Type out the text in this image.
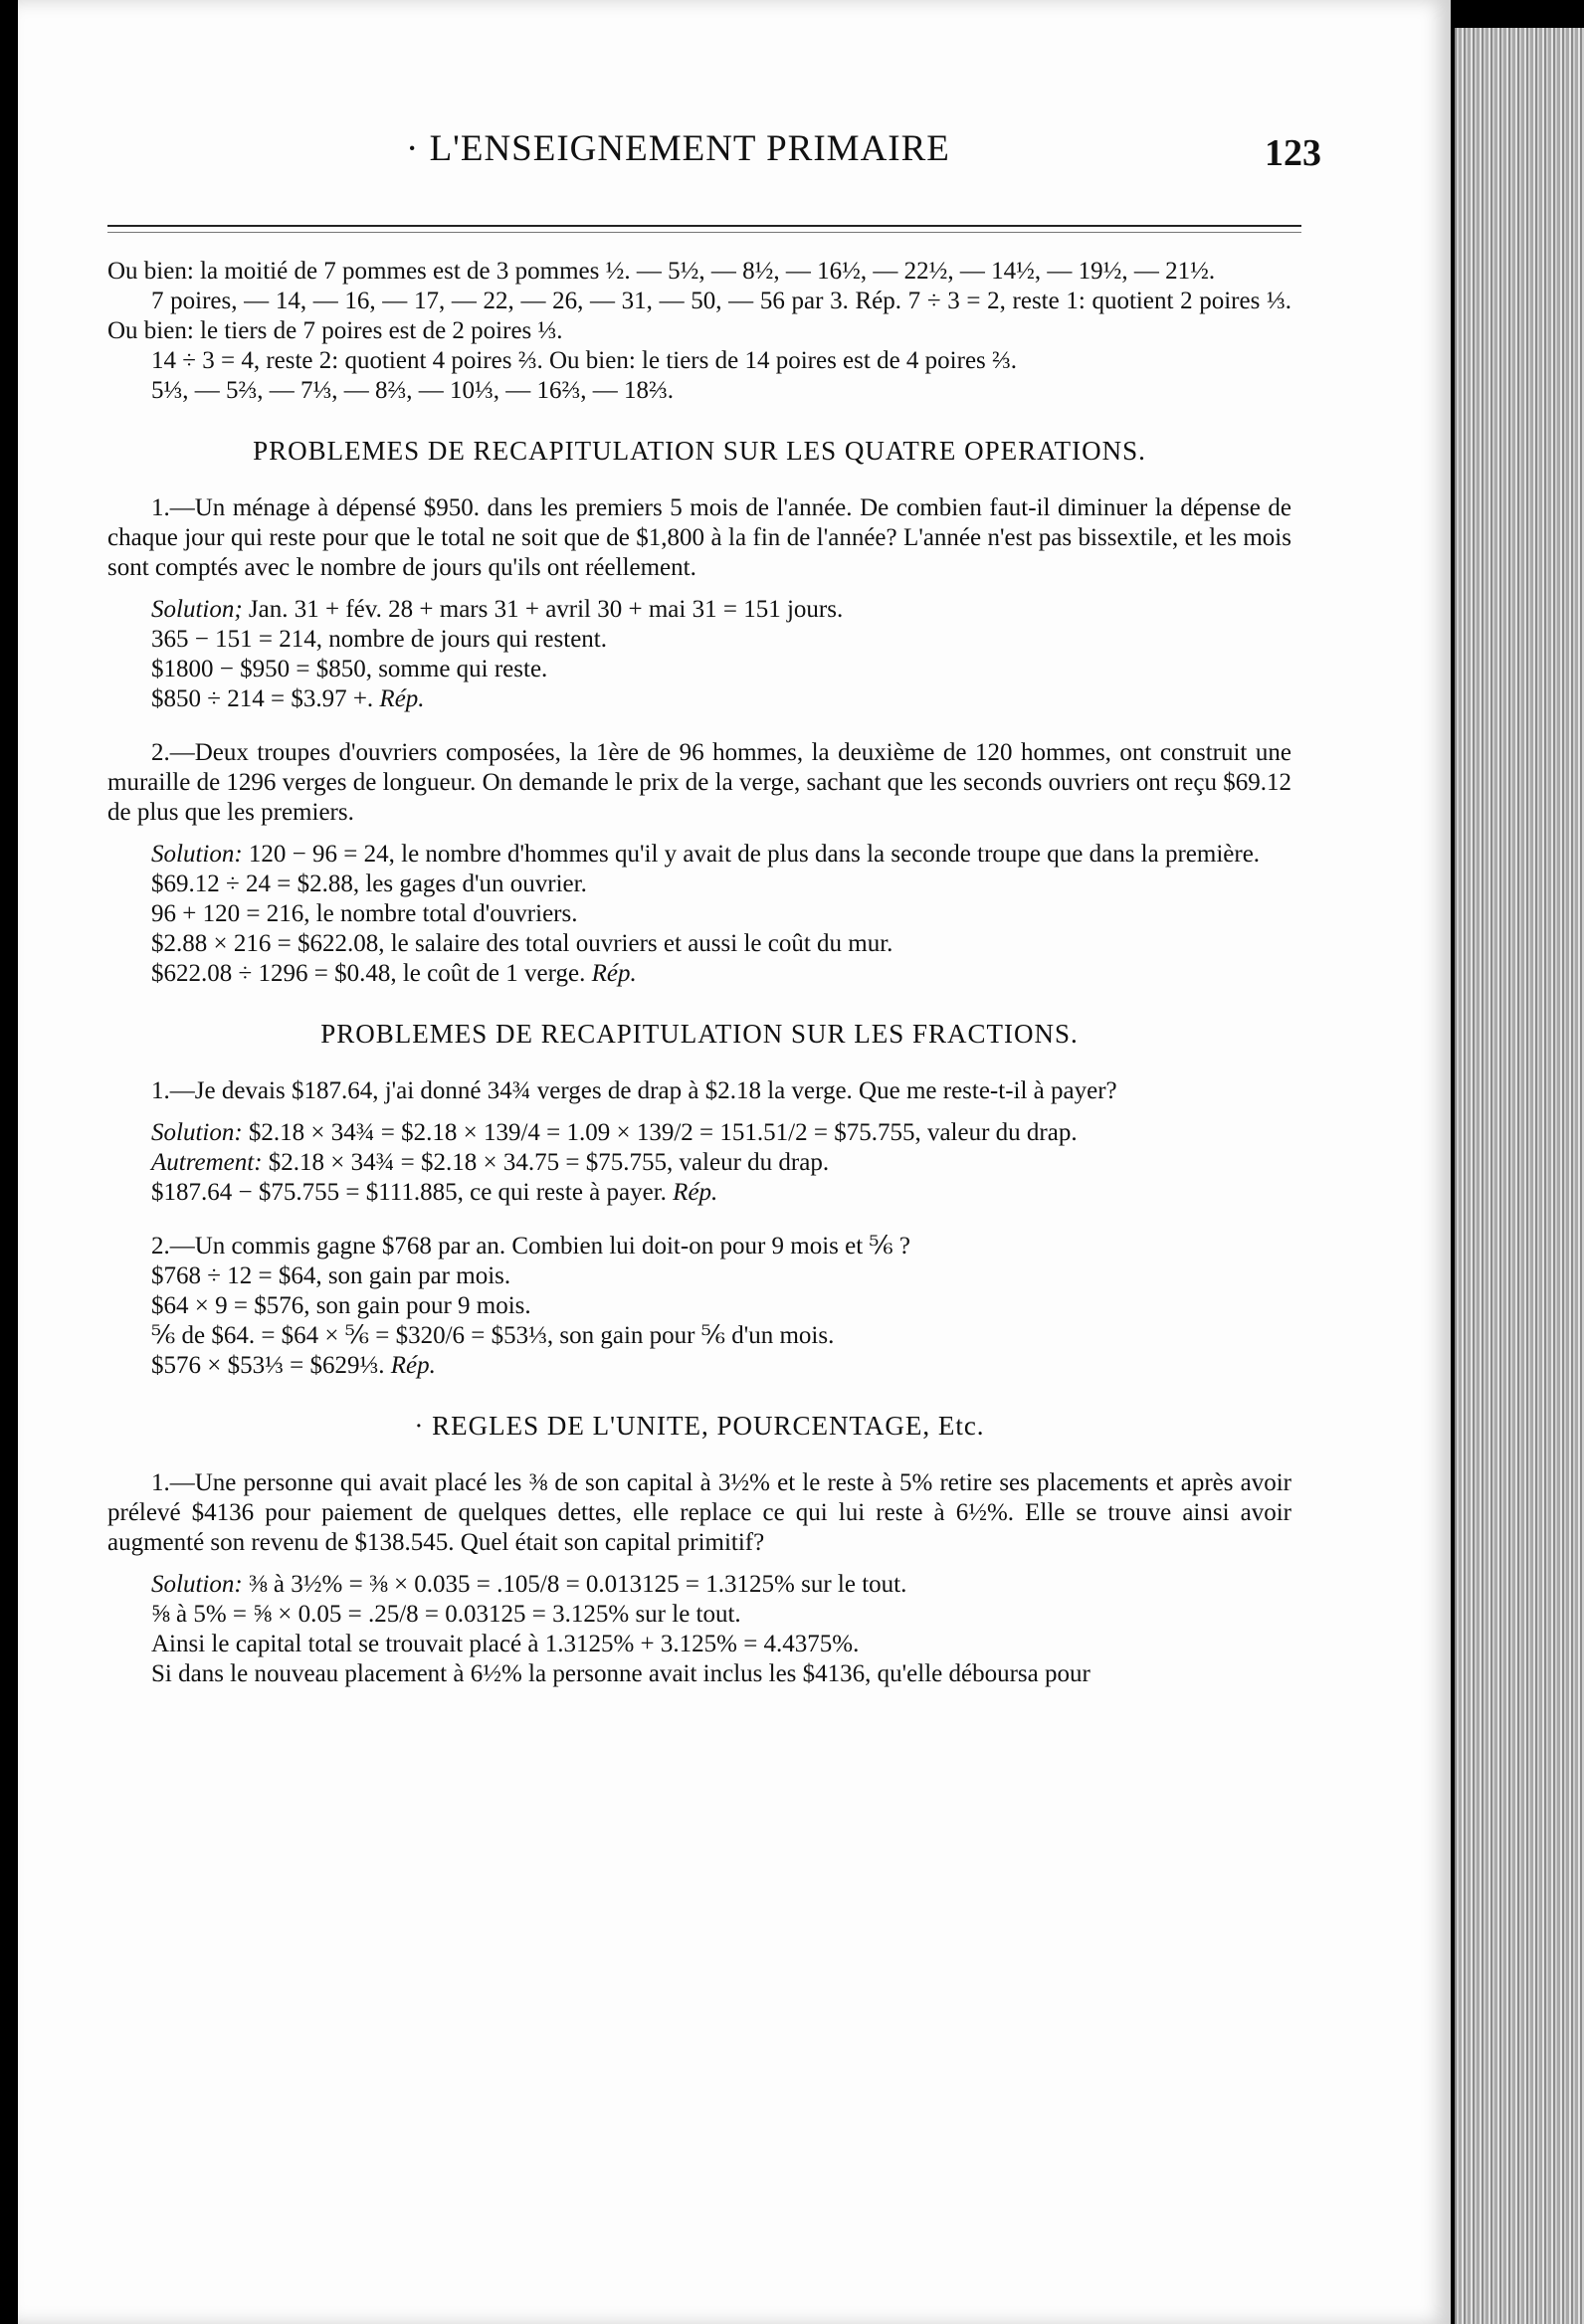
· L'ENSEIGNEMENT PRIMAIRE	123

Ou bien: la moitié de 7 pommes est de 3 pommes ½. — 5½, — 8½, — 16½, — 22½, — 14½, — 19½, — 21½.

7 poires, — 14, — 16, — 17, — 22, — 26, — 31, — 50, — 56 par 3. Rép. 7 ÷ 3 = 2, reste 1: quotient 2 poires ⅓. Ou bien: le tiers de 7 poires est de 2 poires ⅓.

14 ÷ 3 = 4, reste 2: quotient 4 poires ⅔. Ou bien: le tiers de 14 poires est de 4 poires ⅔.

5⅓, — 5⅔, — 7⅓, — 8⅔, — 10⅓, — 16⅔, — 18⅔.

PROBLEMES DE RECAPITULATION SUR LES QUATRE OPERATIONS.

1.—Un ménage à dépensé $950. dans les premiers 5 mois de l'année. De combien faut-il diminuer la dépense de chaque jour qui reste pour que le total ne soit que de $1,800 à la fin de l'année? L'année n'est pas bissextile, et les mois sont comptés avec le nombre de jours qu'ils ont réellement.

Solution; Jan. 31 + fév. 28 + mars 31 + avril 30 + mai 31 = 151 jours.

365 − 151 = 214, nombre de jours qui restent.

$1800 − $950 = $850, somme qui reste.

$850 ÷ 214 = $3.97 +. Rép.

2.—Deux troupes d'ouvriers composées, la 1ère de 96 hommes, la deuxième de 120 hommes, ont construit une muraille de 1296 verges de longueur. On demande le prix de la verge, sachant que les seconds ouvriers ont reçu $69.12 de plus que les premiers.

Solution: 120 − 96 = 24, le nombre d'hommes qu'il y avait de plus dans la seconde troupe que dans la première.

$69.12 ÷ 24 = $2.88, les gages d'un ouvrier.

96 + 120 = 216, le nombre total d'ouvriers.

$2.88 × 216 = $622.08, le salaire des total ouvriers et aussi le coût du mur.

$622.08 ÷ 1296 = $0.48, le coût de 1 verge. Rép.

PROBLEMES DE RECAPITULATION SUR LES FRACTIONS.

1.—Je devais $187.64, j'ai donné 34¾ verges de drap à $2.18 la verge. Que me reste-t-il à payer?

Solution: $2.18 × 34¾ = $2.18 × 139/4 = 1.09 × 139/2 = 151.51/2 = $75.755, valeur du drap.

Autrement: $2.18 × 34¾ = $2.18 × 34.75 = $75.755, valeur du drap.

$187.64 − $75.755 = $111.885, ce qui reste à payer. Rép.

2.—Un commis gagne $768 par an. Combien lui doit-on pour 9 mois et ⅚ ?

$768 ÷ 12 = $64, son gain par mois.

$64 × 9 = $576, son gain pour 9 mois.

⅚ de $64. = $64 × ⅚ = $320/6 = $53⅓, son gain pour ⅚ d'un mois.

$576 × $53⅓ = $629⅓. Rép.

· REGLES DE L'UNITE, POURCENTAGE, Etc.

1.—Une personne qui avait placé les ⅜ de son capital à 3½% et le reste à 5% retire ses placements et après avoir prélevé $4136 pour paiement de quelques dettes, elle replace ce qui lui reste à 6½%. Elle se trouve ainsi avoir augmenté son revenu de $138.545. Quel était son capital primitif?

Solution: ⅜ à 3½% = ⅜ × 0.035 = .105/8 = 0.013125 = 1.3125% sur le tout.

⅝ à 5% = ⅝ × 0.05 = .25/8 = 0.03125 = 3.125% sur le tout.

Ainsi le capital total se trouvait placé à 1.3125% + 3.125% = 4.4375%.

Si dans le nouveau placement à 6½% la personne avait inclus les $4136, qu'elle déboursa pour
